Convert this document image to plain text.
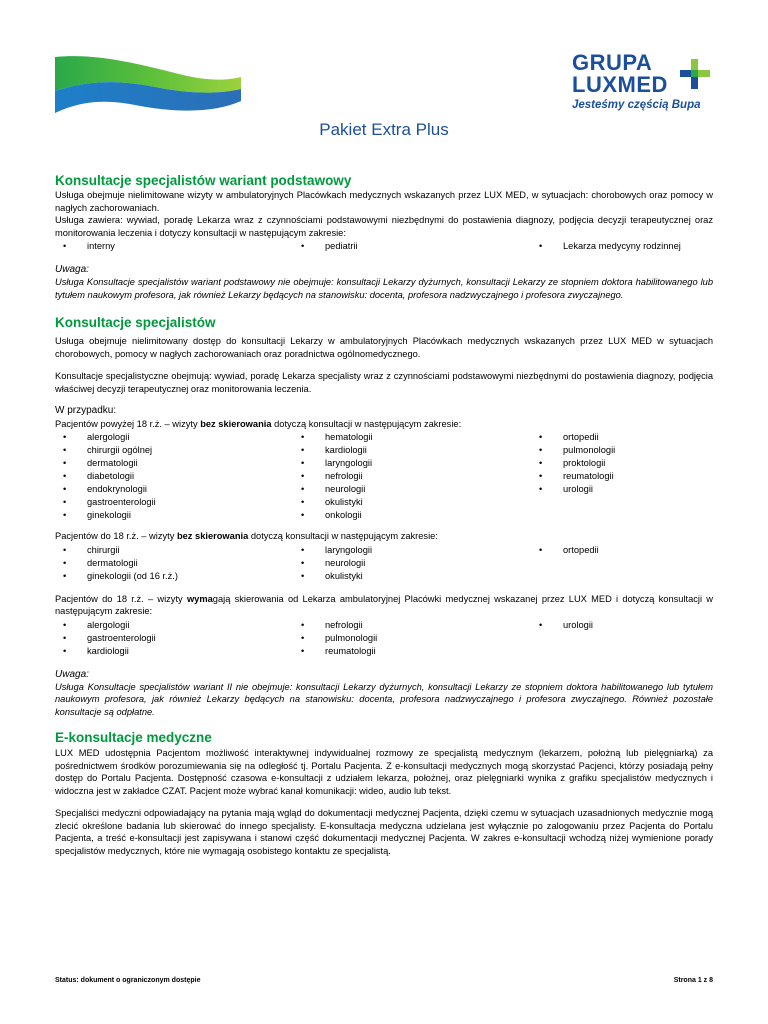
GRUPA
LUXMED
Jesteśmy częścią Bupa
Pakiet Extra Plus
Konsultacje specjalistów wariant podstawowy

Usługa obejmuje nielimitowane wizyty w ambulatoryjnych Placówkach medycznych wskazanych przez LUX MED, w sytuacjach: chorobowych oraz pomocy w nagłych zachorowaniach.

Usługa zawiera: wywiad, poradę Lekarza wraz z czynnościami podstawowymi niezbędnymi do postawienia diagnozy, podjęcia decyzji terapeutycznej oraz monitorowania leczenia i dotyczy konsultacji w następującym zakresie:

• interny	• pediatrii	• Lekarza medycyny rodzinnej
Uwaga:

Usługa Konsultacje specjalistów wariant podstawowy nie obejmuje: konsultacji Lekarzy dyżurnych, konsultacji Lekarzy ze stopniem doktora habilitowanego lub tytułem naukowym profesora, jak również Lekarzy będących na stanowisku: docenta, profesora nadzwyczajnego i profesora zwyczajnego.

Konsultacje specjalistów

Usługa obejmuje nielimitowany dostęp do konsultacji Lekarzy w ambulatoryjnych Placówkach medycznych wskazanych przez LUX MED w sytuacjach chorobowych, pomocy w nagłych zachorowaniach oraz poradnictwa ogólnomedycznego.

Konsultacje specjalistyczne obejmują: wywiad, poradę Lekarza specjalisty wraz z czynnościami podstawowymi niezbędnymi do postawienia diagnozy, podjęcia właściwej decyzji terapeutycznej oraz monitorowania leczenia.

W przypadku:
Pacjentów powyżej 18 r.ż. – wizyty bez skierowania dotyczą konsultacji w następującym zakresie:
• alergologii
• chirurgii ogólnej
• dermatologii
• diabetologii
• endokrynologii
• gastroenterologii
• ginekologii
• hematologii
• kardiologii
• laryngologii
• nefrologii
• neurologii
• okulistyki
• onkologii
• ortopedii
• pulmonologii
• proktologii
• reumatologii
• urologii
Pacjentów do 18 r.ż. – wizyty bez skierowania dotyczą konsultacji w następującym zakresie:
• chirurgii
• dermatologii
• ginekologii (od 16 r.ż.)
• laryngologii
• neurologii
• okulistyki
• ortopedii
Pacjentów do 18 r.ż. – wizyty wymagają skierowania od Lekarza ambulatoryjnej Placówki medycznej wskazanej przez LUX MED i dotyczą konsultacji w następującym zakresie:
• alergologii
• gastroenterologii
• kardiologii
• nefrologii
• pulmonologii
• reumatologii
• urologii
Uwaga:

Usługa Konsultacje specjalistów wariant II nie obejmuje: konsultacji Lekarzy dyżurnych, konsultacji Lekarzy ze stopniem doktora habilitowanego lub tytułem naukowym profesora, jak również Lekarzy będących na stanowisku: docenta, profesora nadzwyczajnego i profesora zwyczajnego. Również pozostałe konsultacje są odpłatne.

E-konsultacje medyczne

LUX MED udostępnia Pacjentom możliwość interaktywnej indywidualnej rozmowy ze specjalistą medycznym (lekarzem, położną lub pielęgniarką) za pośrednictwem środków porozumiewania się na odległość tj. Portalu Pacjenta. Z e-konsultacji medycznych mogą skorzystać Pacjenci, którzy posiadają pełny dostęp do Portalu Pacjenta. Dostępność czasowa e-konsultacji z udziałem lekarza, położnej, oraz pielęgniarki wynika z grafiku specjalistów medycznych i widoczna jest w zakładce CZAT. Pacjent może wybrać kanał komunikacji: wideo, audio lub tekst.

Specjaliści medyczni odpowiadający na pytania mają wgląd do dokumentacji medycznej Pacjenta, dzięki czemu w sytuacjach uzasadnionych medycznie mogą zlecić określone badania lub skierować do innego specjalisty. E-konsultacja medyczna udzielana jest wyłącznie po zalogowaniu przez Pacjenta do Portalu Pacjenta, a treść e-konsultacji jest zapisywana i stanowi część dokumentacji medycznej Pacjenta. W zakres e-konsultacji wchodzą niżej wymienione porady specjalistów medycznych, które nie wymagają osobistego kontaktu ze specjalistą.

Status: dokument o ograniczonym dostępie	Strona 1 z 8
